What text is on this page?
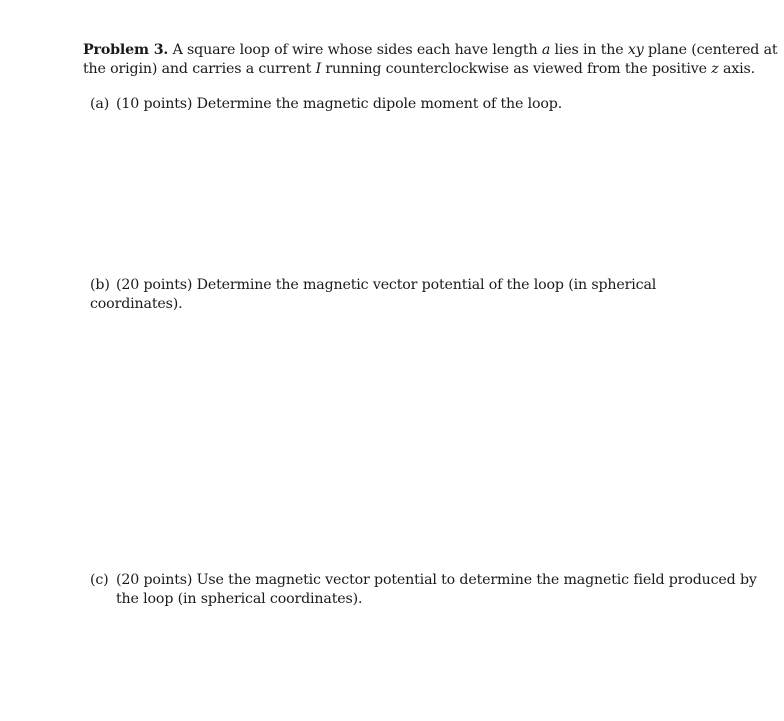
Problem 3. A square loop of wire whose sides each have length a lies in the xy plane (centered at
the origin) and carries a current I running counterclockwise as viewed from the positive z axis.
(a) (10 points) Determine the magnetic dipole moment of the loop.
(b) (20 points) Determine the magnetic vector potential of the loop (in spherical coordinates).
(c) (20 points) Use the magnetic vector potential to determine the magnetic field produced by
the loop (in spherical coordinates).
